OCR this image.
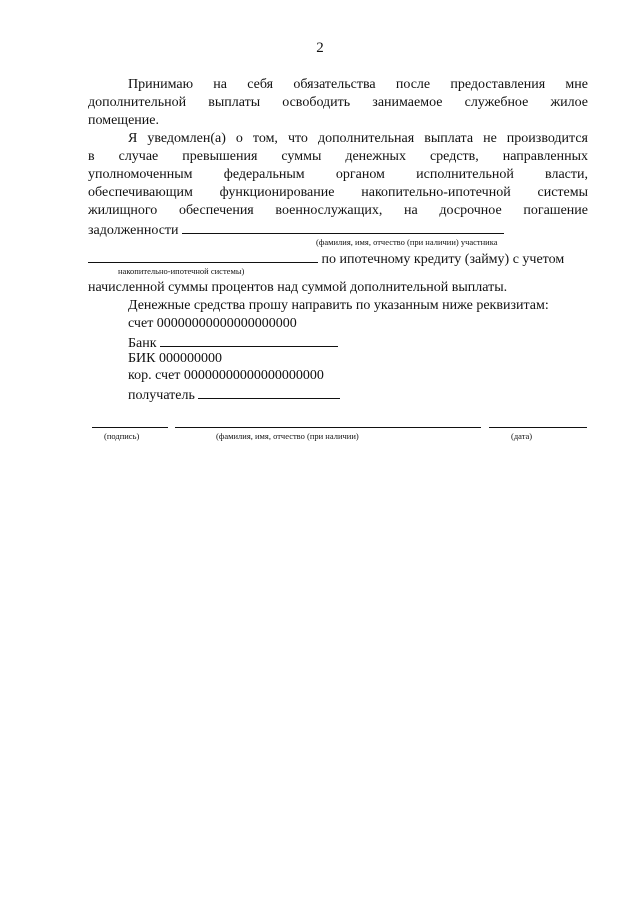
2
Принимаю на себя обязательства после предоставления мне
дополнительной выплаты освободить занимаемое служебное жилое
помещение.
Я уведомлен(а) о том, что дополнительная выплата не производится
в случае превышения суммы денежных средств, направленных
уполномоченным федеральным органом исполнительной власти,
обеспечивающим функционирование накопительно-ипотечной системы
жилищного обеспечения военнослужащих, на досрочное погашение
задолженности
(фамилия, имя, отчество (при наличии) участника
по ипотечному кредиту (займу) с учетом
накопительно-ипотечной системы)
начисленной суммы процентов над суммой дополнительной выплаты.
Денежные средства прошу направить по указанным ниже реквизитам:
счет 00000000000000000000
Банк
БИК 000000000
кор. счет 00000000000000000000
получатель
(подпись)	(фамилия, имя, отчество (при наличии)	(дата)
